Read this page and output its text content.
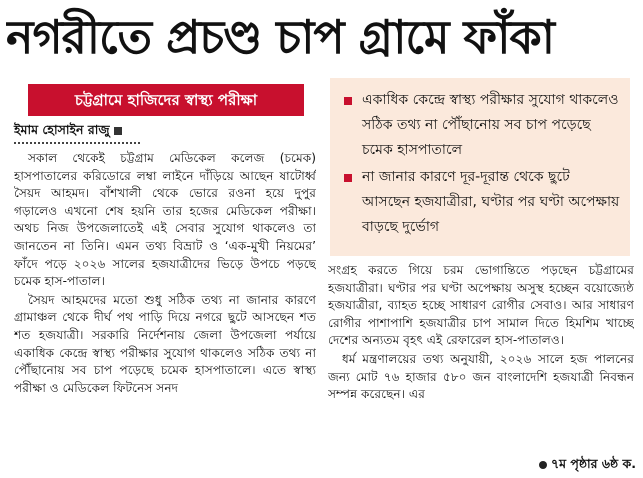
নগরীতে প্রচণ্ড চাপ গ্রামে ফাঁকা
চট্টগ্রামে হাজিদের স্বাস্থ্য পরীক্ষা
ইমাম হোসাইন রাজু

সকাল থেকেই চট্টগ্রাম মেডিকেল কলেজ (চমেক) হাসপাতালের করিডোরে লম্বা লাইনে দাঁড়িয়ে আছেন ষাটোর্ধ্ব সৈয়দ আহমদ। বাঁশখালী থেকে ভোরে রওনা হয়ে দুপুর গড়ালেও এখনো শেষ হয়নি তার হজের মেডিকেল পরীক্ষা। অথচ নিজ উপজেলাতেই এই সেবার সুযোগ থাকলেও তা জানতেন না তিনি। এমন তথ্য বিভ্রাট ও ‘এক-মুখী নিয়মের’ ফাঁদে পড়ে ২০২৬ সালের হজযাত্রীদের ভিড়ে উপচে পড়ছে চমেক হাস-পাতাল।

সৈয়দ আহমদের মতো শুধু সঠিক তথ্য না জানার কারণে গ্রামাঞ্চল থেকে দীর্ঘ পথ পাড়ি দিয়ে নগরে ছুটে আসছেন শত শত হজযাত্রী। সরকারি নির্দেশনায় জেলা উপজেলা পর্যায়ে একাধিক কেন্দ্রে স্বাস্থ্য পরীক্ষার সুযোগ থাকলেও সঠিক তথ্য না পৌঁছানোয় সব চাপ পড়েছে চমেক হাসপাতালে। এতে স্বাস্থ্য পরীক্ষা ও মেডিকেল ফিটনেস সনদ

একাধিক কেন্দ্রে স্বাস্থ্য পরীক্ষার সুযোগ থাকলেও সঠিক তথ্য না পৌঁছানোয় সব চাপ পড়েছে চমেক হাসপাতালে
না জানার কারণে দূর-দূরান্ত থেকে ছুটে আসছেন হজযাত্রীরা, ঘণ্টার পর ঘণ্টা অপেক্ষায় বাড়ছে দুর্ভোগ

সংগ্রহ করতে গিয়ে চরম ভোগান্তিতে পড়ছেন চট্টগ্রামের হজযাত্রীরা। ঘণ্টার পর ঘণ্টা অপেক্ষায় অসুস্থ হচ্ছেন বয়োজ্যেষ্ঠ হজযাত্রীরা, ব্যাহত হচ্ছে সাধারণ রোগীর সেবাও। আর সাধারণ রোগীর পাশাপাশি হজযাত্রীর চাপ সামাল দিতে হিমশিম খাচ্ছে দেশের অন্যতম বৃহৎ এই রেফারেল হাস-পাতালও।

ধর্ম মন্ত্রণালয়ের তথ্য অনুযায়ী, ২০২৬ সালে হজ পালনের জন্য মোট ৭৬ হাজার ৫৮০ জন বাংলাদেশি হজযাত্রী নিবন্ধন সম্পন্ন করেছেন। এর

৭ম পৃষ্ঠার ৬ষ্ঠ ক.
